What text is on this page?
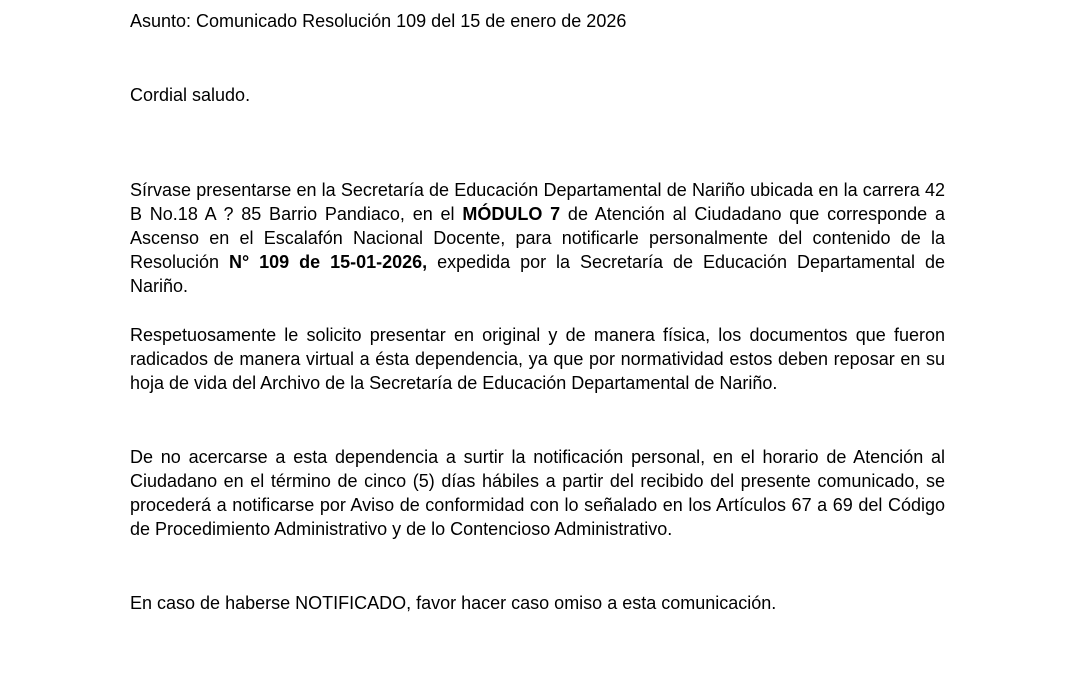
Asunto: Comunicado Resolución 109 del 15 de enero de 2026

Cordial saludo.

Sírvase presentarse en la Secretaría de Educación Departamental de Nariño ubicada en la carrera 42 B No.18 A ? 85 Barrio Pandiaco, en el MÓDULO 7 de Atención al Ciudadano que corresponde a Ascenso en el Escalafón Nacional Docente, para notificarle personalmente del contenido de la Resolución N° 109 de 15-01-2026, expedida por la Secretaría de Educación Departamental de Nariño.

Respetuosamente le solicito presentar en original y de manera física, los documentos que fueron radicados de manera virtual a ésta dependencia, ya que por normatividad estos deben reposar en su hoja de vida del Archivo de la Secretaría de Educación Departamental de Nariño.

De no acercarse a esta dependencia a surtir la notificación personal, en el horario de Atención al Ciudadano en el término de cinco (5) días hábiles a partir del recibido del presente comunicado, se procederá a notificarse por Aviso de conformidad con lo señalado en los Artículos 67 a 69 del Código de Procedimiento Administrativo y de lo Contencioso Administrativo.

En caso de haberse NOTIFICADO, favor hacer caso omiso a esta comunicación.
